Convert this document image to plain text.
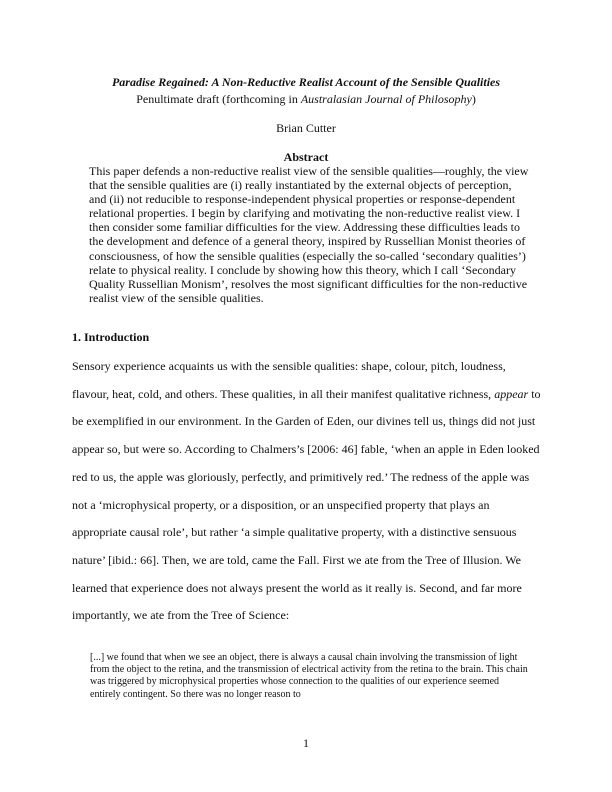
Paradise Regained: A Non-Reductive Realist Account of the Sensible Qualities
Penultimate draft (forthcoming in Australasian Journal of Philosophy)
Brian Cutter
Abstract

This paper defends a non-reductive realist view of the sensible qualities—roughly, the view that the sensible qualities are (i) really instantiated by the external objects of perception, and (ii) not reducible to response-independent physical properties or response-dependent relational properties. I begin by clarifying and motivating the non-reductive realist view. I then consider some familiar difficulties for the view. Addressing these difficulties leads to the development and defence of a general theory, inspired by Russellian Monist theories of consciousness, of how the sensible qualities (especially the so-called ‘secondary qualities’) relate to physical reality. I conclude by showing how this theory, which I call ‘Secondary Quality Russellian Monism’, resolves the most significant difficulties for the non-reductive realist view of the sensible qualities.

1. Introduction

Sensory experience acquaints us with the sensible qualities: shape, colour, pitch, loudness, flavour, heat, cold, and others. These qualities, in all their manifest qualitative richness, appear to be exemplified in our environment. In the Garden of Eden, our divines tell us, things did not just appear so, but were so. According to Chalmers’s [2006: 46] fable, ‘when an apple in Eden looked red to us, the apple was gloriously, perfectly, and primitively red.’ The redness of the apple was not a ‘microphysical property, or a disposition, or an unspecified property that plays an appropriate causal role’, but rather ‘a simple qualitative property, with a distinctive sensuous nature’ [ibid.: 66]. Then, we are told, came the Fall. First we ate from the Tree of Illusion. We learned that experience does not always present the world as it really is. Second, and far more importantly, we ate from the Tree of Science:

[...] we found that when we see an object, there is always a causal chain involving the transmission of light from the object to the retina, and the transmission of electrical activity from the retina to the brain. This chain was triggered by microphysical properties whose connection to the qualities of our experience seemed entirely contingent. So there was no longer reason to

1
